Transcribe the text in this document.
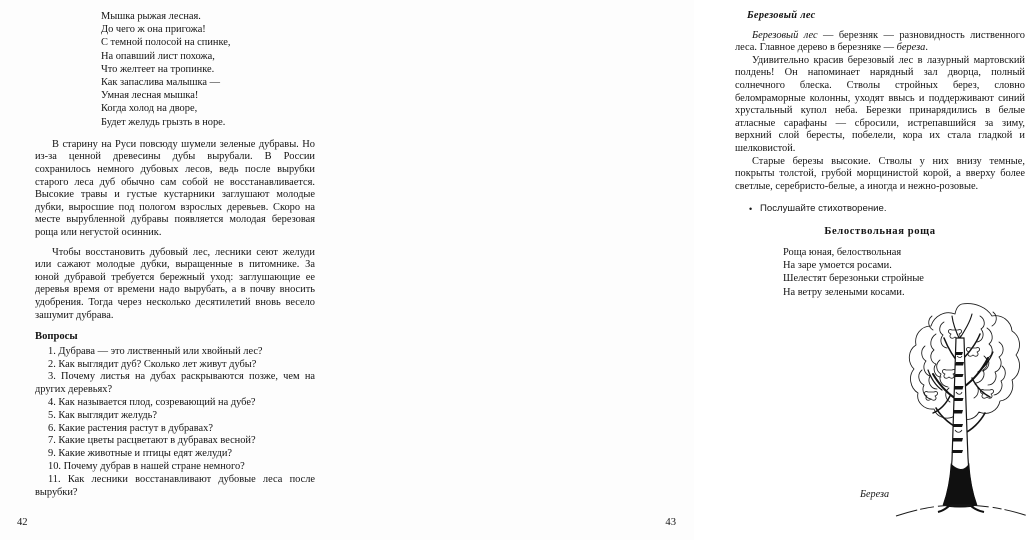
Мышка рыжая лесная.
До чего ж она пригожа!
С темной полосой на спинке,
На опавший лист похожа,
Что желтеет на тропинке.
Как запаслива малышка —
Умная лесная мышка!
Когда холод на дворе,
Будет желудь грызть в норе.

В старину на Руси повсюду шумели зеленые дубравы. Но из-за ценной древесины дубы вырубали. В России сохранилось немного дубовых лесов, ведь после вырубки старого леса дуб обычно сам собой не восстанавливается. Высокие травы и густые кустарники заглушают молодые дубки, выросшие под пологом взрослых деревьев. Скоро на месте вырубленной дубравы появляется молодая березовая роща или негустой осинник.

Чтобы восстановить дубовый лес, лесники сеют желуди или сажают молодые дубки, выращенные в питомнике. За юной дубравой требуется бережный уход: заглушающие ее деревья время от времени надо вырубать, а в почву вносить удобрения. Тогда через несколько десятилетий вновь весело зашумит дубрава.

Вопросы
1. Дубрава — это лиственный или хвойный лес?
2. Как выглядит дуб? Сколько лет живут дубы?
3. Почему листья на дубах раскрываются позже, чем на других деревьях?
4. Как называется плод, созревающий на дубе?
5. Как выглядит желудь?
6. Какие растения растут в дубравах?
7. Какие цветы расцветают в дубравах весной?
9. Какие животные и птицы едят желуди?
10. Почему дубрав в нашей стране немного?
11. Как лесники восстанавливают дубовые леса после вырубки?
42
Березовый лес

Березовый лес — березняк — разновидность лиственного леса. Главное дерево в березняке — береза.

Удивительно красив березовый лес в лазурный мартовский полдень! Он напоминает нарядный зал дворца, полный солнечного блеска. Стволы стройных берез, словно беломраморные колонны, уходят ввысь и поддерживают синий хрустальный купол неба. Березки принарядились в белые атласные сарафаны — сбросили, истрепавшийся за зиму, верхний слой бересты, побелели, кора их стала гладкой и шелковистой.

Старые березы высокие. Стволы у них внизу темные, покрыты толстой, грубой морщинистой корой, а вверху более светлые, серебристо-белые, а иногда и нежно-розовые.

• Послушайте стихотворение.
Белоствольная роща
Роща юная, белоствольная
На заре умоется росами.
Шелестят березоньки стройные
На ветру зелеными косами.
Береза
43
